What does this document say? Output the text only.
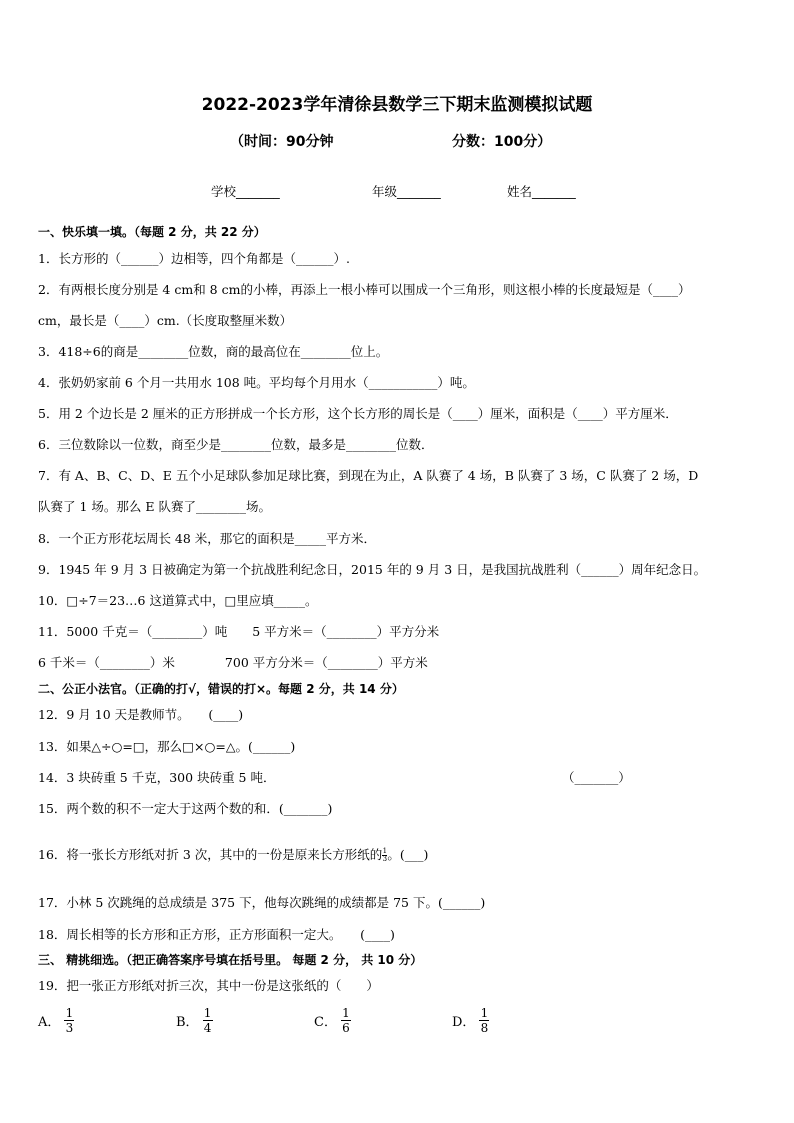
2022-2023学年清徐县数学三下期末监测模拟试题
（时间：90分钟	分数：100分）
学校_______	年级_______	姓名_______
一、快乐填一填。（每题 2 分，共 22 分）
1．长方形的（______）边相等，四个角都是（______）.
2．有两根长度分别是 4 cm和 8 cm的小棒，再添上一根小棒可以围成一个三角形，则这根小棒的长度最短是（____）
cm，最长是（____）cm.（长度取整厘米数）
3．418÷6的商是________位数，商的最高位在________位上。
4．张奶奶家前 6 个月一共用水 108 吨。平均每个月用水（___________）吨。
5．用 2 个边长是 2 厘米的正方形拼成一个长方形，这个长方形的周长是（____）厘米，面积是（____）平方厘米．
6．三位数除以一位数，商至少是________位数，最多是________位数．
7．有 A、B、C、D、E 五个小足球队参加足球比赛，到现在为止，A 队赛了 4 场，B 队赛了 3 场，C 队赛了 2 场，D
队赛了 1 场。那么 E 队赛了________场。
8．一个正方形花坛周长 48 米，那它的面积是_____平方米．
9．1945 年 9 月 3 日被确定为第一个抗战胜利纪念日，2015 年的 9 月 3 日，是我国抗战胜利（______）周年纪念日。
10．□÷7＝23…6 这道算式中，□里应填_____。
11．5000 千克＝（________）吨　　5 平方米＝（________）平方分米
6 千米＝（________）米　　　　700 平方分米＝（________）平方米
二、公正小法官。（正确的打√，错误的打×。每题 2 分，共 14 分）
12．9 月 10 天是教师节。　　(____)
13．如果△÷○=□，那么□×○=△。(______)
14．3 块砖重 5 千克，300 块砖重 5 吨．	（_______）
15．两个数的积不一定大于这两个数的和．(_______)
16．将一张长方形纸对折 3 次，其中的一份是原来长方形纸的 1
3 。(___)
17．小林 5 次跳绳的总成绩是 375 下，他每次跳绳的成绩都是 75 下。(______)
18．周长相等的长方形和正方形，正方形面积一定大。　　(____)
三、 精挑细选。（把正确答案序号填在括号里。 每题 2 分， 共 10 分）
19．把一张正方形纸对折三次，其中一份是这张纸的（　　）
A． $\frac{1}{3}$	B． $\frac{1}{4}$	C． $\frac{1}{6}$	D． $\frac{1}{8}$
